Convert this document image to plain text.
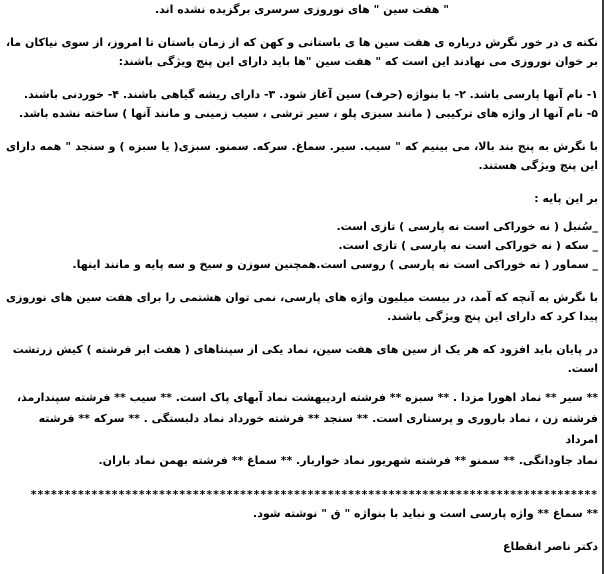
" هفت سین " های نوروزی سرسری برگزیده نشده اند.

نکته ی در خور نگرش درباره ی هفت سین ها ی باستانی و کهن که از زمان باستان تا امروز، از سوی نیاکان ما، بر خوان نوروزی می نهادند این است که " هفت سین "ها باید دارای این پنج ویژگی باشند:

۱- نام آنها پارسی باشد. ۲- با بنواژه (حرف) سین آغاز شود. ۳- دارای ریشه گیاهی باشند. ۴- خوردنی باشند.

۵- نام آنها از واژه های ترکیبی ( مانند سبزی پلو ، سیر ترشی ، سیب زمینی و مانند آنها ) ساخته نشده باشد.

با نگرش به پنج بند بالا، می بینیم که " سیب. سیر. سماغ. سرکه. سمنو. سبزی( یا سبزه ) و سنجد " همه دارای این پنج ویژگی هستند.

بر این پایه :

_سُنبل ( نه خوراکی است نه پارسی ) تازی است.

_ سکه ( نه خوراکی است نه پارسی ) تازی است.

_ سماور ( نه خوراکی است نه پارسی ) روسی است.همچنین سوزن و سیخ و سه پایه و مانند اینها.

با نگرش به آنچه که آمد، در بیست میلیون واژه های پارسی، نمی توان هشتمی را برای هفت سین های نوروزی پیدا کرد که دارای این پنج ویژگی باشند.

در پایان باید افزود که هر یک از سین های هفت سین، نماد یکی از سپنتاهای ( هفت ابر فرشته ) کیش زرتشت است.

** سیر ** نماد اهورا مزدا . ** سبزه ** فرشته اردیبهشت نماد آبهای پاک است. ** سیب ** فرشته سپندارمذ،

فرشته زن ، نماد باروری و پرستاری است. ** سنجد ** فرشته خورداد نماد دلبستگی . ** سرکه ** فرشته امرداد

نماد جاودانگی. ** سمنو ** فرشته شهریور نماد خواربار. ** سماغ ** فرشته بهمن نماد باران.

************************************************************************************

** سماغ ** واژه پارسی است و نباید با بنواژه " ق " نوشته شود.

دکتر ناصر انقطاع
